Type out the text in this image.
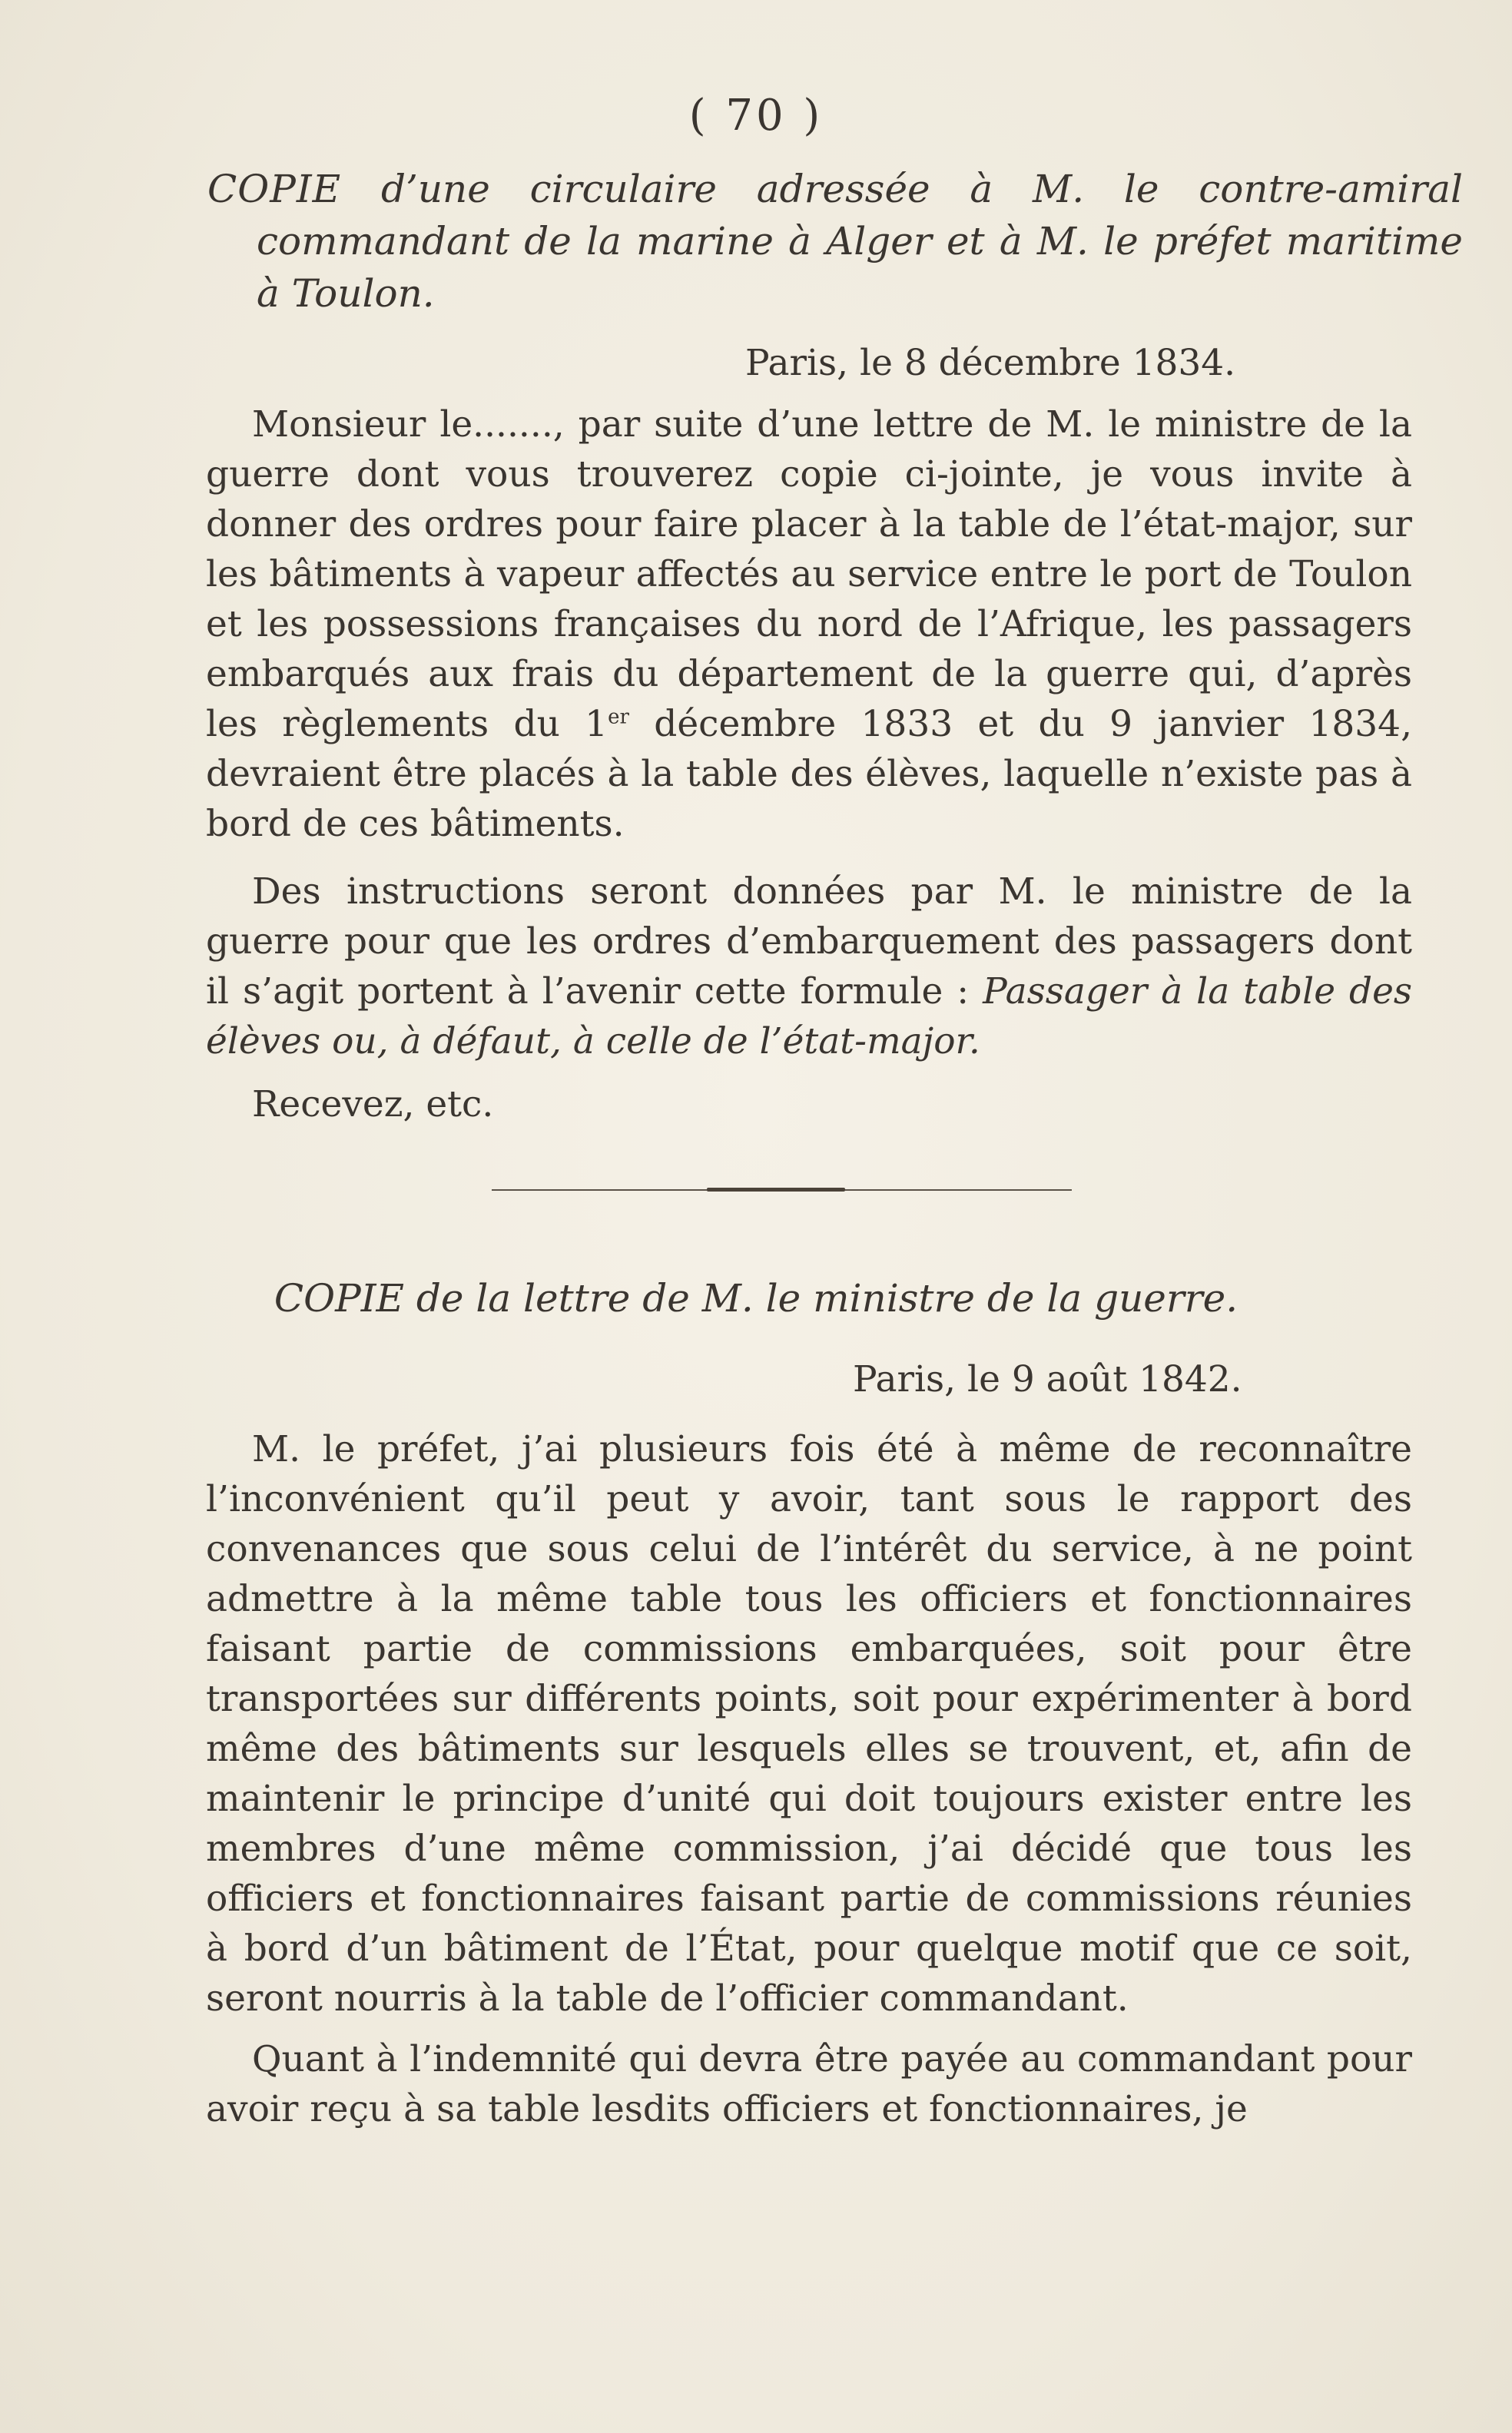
( 70 )
COPIE d’une circulaire adressée à M. le contre-amiral commandant de la marine à Alger et à M. le préfet maritime à Toulon.
Paris, le 8 décembre 1834.
Monsieur le......., par suite d’une lettre de M. le ministre de la guerre dont vous trouverez copie ci-jointe, je vous invite à donner des ordres pour faire placer à la table de l’état-major, sur les bâtiments à vapeur affectés au service entre le port de Toulon et les possessions françaises du nord de l’Afrique, les passagers embarqués aux frais du département de la guerre qui, d’après les règlements du 1er décembre 1833 et du 9 janvier 1834, devraient être placés à la table des élèves, laquelle n’existe pas à bord de ces bâtiments.
Des instructions seront données par M. le ministre de la guerre pour que les ordres d’embarquement des passagers dont il s’agit portent à l’avenir cette formule : Passager à la table des élèves ou, à défaut, à celle de l’état-major.
Recevez, etc.
COPIE de la lettre de M. le ministre de la guerre.
Paris, le 9 août 1842.
M. le préfet, j’ai plusieurs fois été à même de reconnaître l’inconvénient qu’il peut y avoir, tant sous le rapport des convenances que sous celui de l’intérêt du service, à ne point admettre à la même table tous les officiers et fonctionnaires faisant partie de commissions embarquées, soit pour être transportées sur différents points, soit pour expérimenter à bord même des bâtiments sur lesquels elles se trouvent, et, afin de maintenir le principe d’unité qui doit toujours exister entre les membres d’une même commission, j’ai décidé que tous les officiers et fonctionnaires faisant partie de commissions réunies à bord d’un bâtiment de l’État, pour quelque motif que ce soit, seront nourris à la table de l’officier commandant.
Quant à l’indemnité qui devra être payée au commandant pour avoir reçu à sa table lesdits officiers et fonctionnaires, je
